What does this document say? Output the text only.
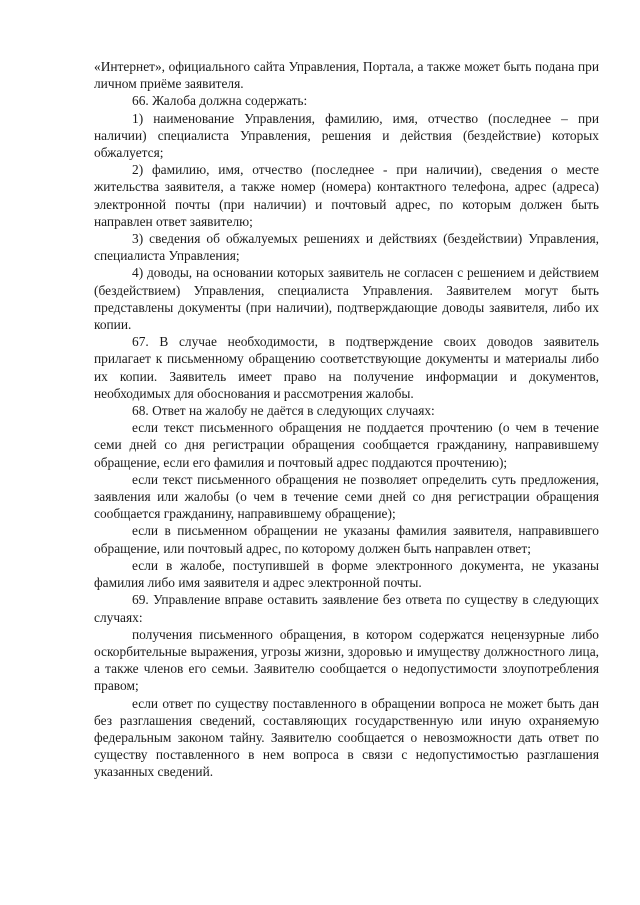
«Интернет», официального сайта Управления, Портала, а также может быть подана при личном приёме заявителя.

66. Жалоба должна содержать:

1) наименование Управления, фамилию, имя, отчество (последнее – при наличии) специалиста Управления, решения и действия (бездействие) которых обжалуется;

2) фамилию, имя, отчество (последнее - при наличии), сведения о месте жительства заявителя, а также номер (номера) контактного телефона, адрес (адреса) электронной почты (при наличии) и почтовый адрес, по которым должен быть направлен ответ заявителю;

3) сведения об обжалуемых решениях и действиях (бездействии) Управления, специалиста Управления;

4) доводы, на основании которых заявитель не согласен с решением и действием (бездействием) Управления, специалиста Управления. Заявителем могут быть представлены документы (при наличии), подтверждающие доводы заявителя, либо их копии.

67. В случае необходимости, в подтверждение своих доводов заявитель прилагает к письменному обращению соответствующие документы и материалы либо их копии. Заявитель имеет право на получение информации и документов, необходимых для обоснования и рассмотрения жалобы.

68. Ответ на жалобу не даётся в следующих случаях:

если текст письменного обращения не поддается прочтению (о чем в течение семи дней со дня регистрации обращения сообщается гражданину, направившему обращение, если его фамилия и почтовый адрес поддаются прочтению);

если текст письменного обращения не позволяет определить суть предложения, заявления или жалобы (о чем в течение семи дней со дня регистрации обращения сообщается гражданину, направившему обращение);

если в письменном обращении не указаны фамилия заявителя, направившего обращение, или почтовый адрес, по которому должен быть направлен ответ;

если в жалобе, поступившей в форме электронного документа, не указаны фамилия либо имя заявителя и адрес электронной почты.

69. Управление вправе оставить заявление без ответа по существу в следующих случаях:

получения письменного обращения, в котором содержатся нецензурные либо оскорбительные выражения, угрозы жизни, здоровью и имуществу должностного лица, а также членов его семьи. Заявителю сообщается о недопустимости злоупотребления правом;

если ответ по существу поставленного в обращении вопроса не может быть дан без разглашения сведений, составляющих государственную или иную охраняемую федеральным законом тайну. Заявителю сообщается о невозможности дать ответ по существу поставленного в нем вопроса в связи с недопустимостью разглашения указанных сведений.
